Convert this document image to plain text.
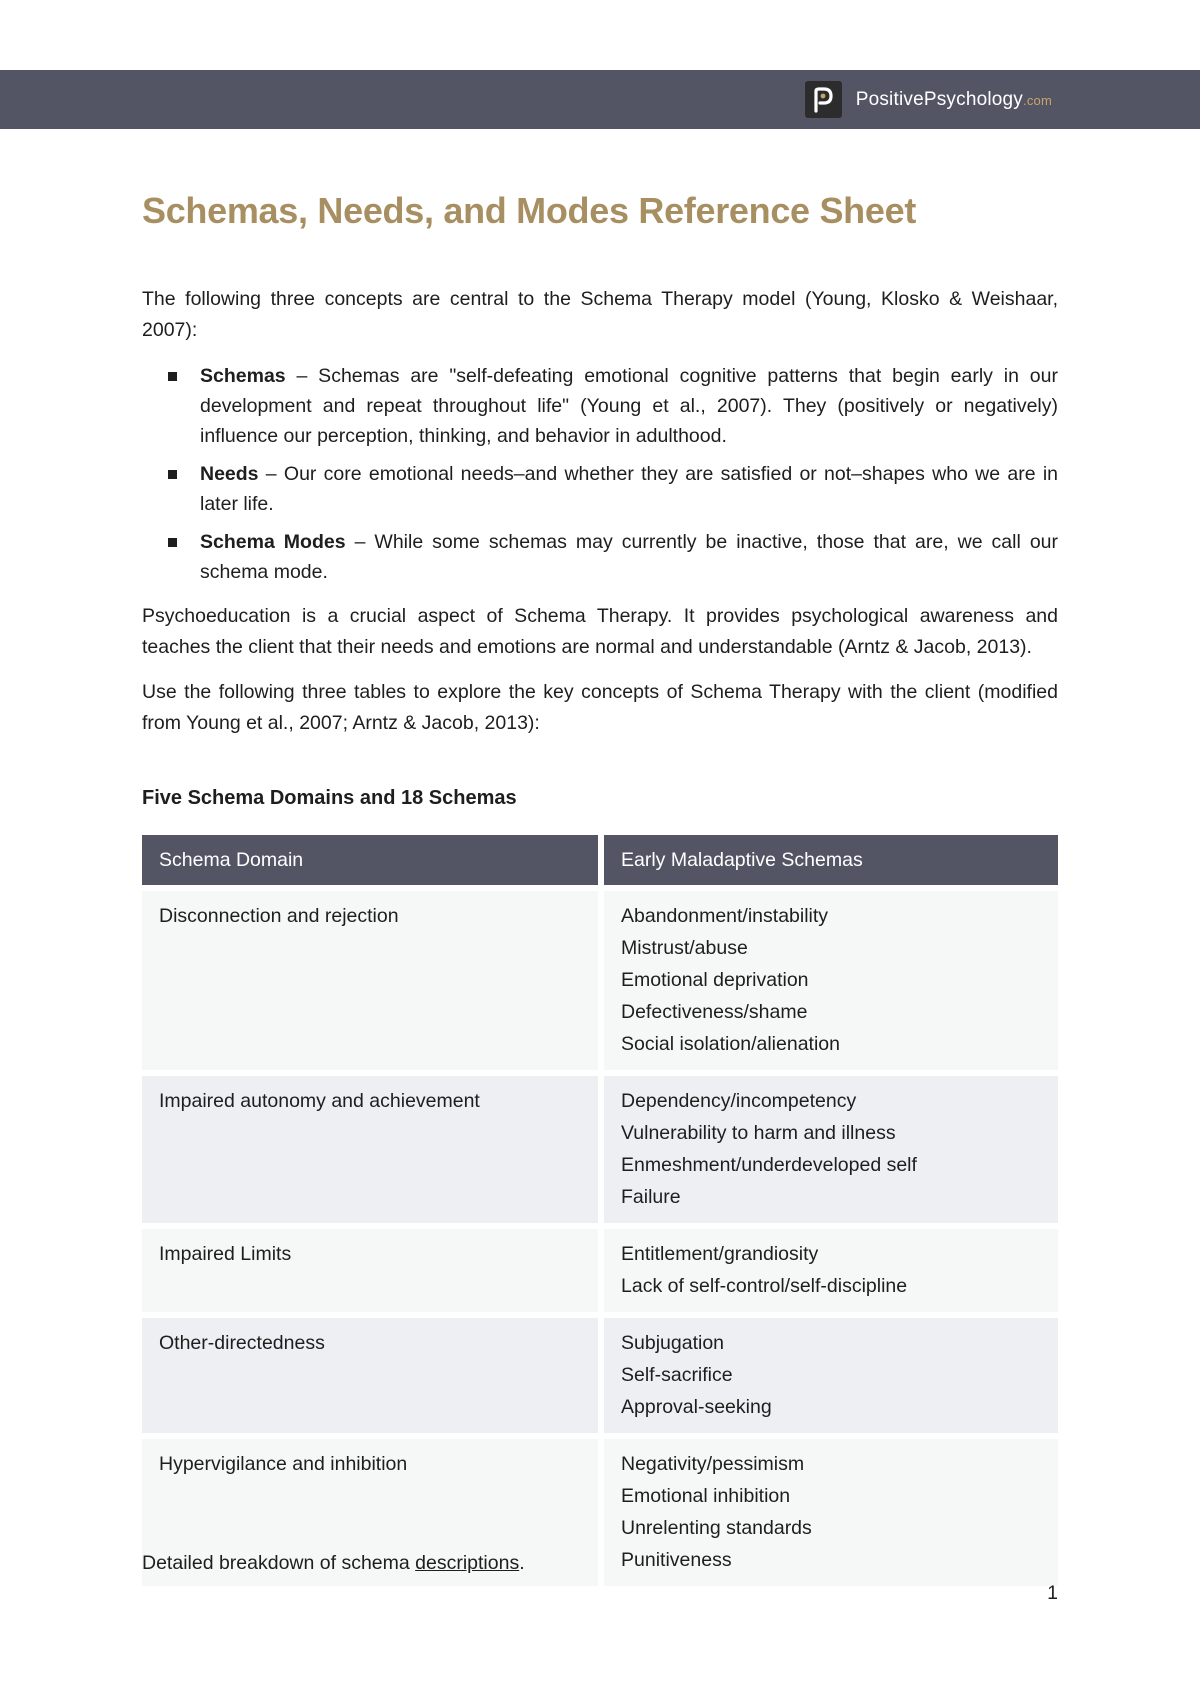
PositivePsychology.com
Schemas, Needs, and Modes Reference Sheet

The following three concepts are central to the Schema Therapy model (Young, Klosko & Weishaar, 2007):

Schemas – Schemas are "self-defeating emotional cognitive patterns that begin early in our development and repeat throughout life" (Young et al., 2007). They (positively or negatively) influence our perception, thinking, and behavior in adulthood.
Needs – Our core emotional needs–and whether they are satisfied or not–shapes who we are in later life.
Schema Modes – While some schemas may currently be inactive, those that are, we call our schema mode.

Psychoeducation is a crucial aspect of Schema Therapy. It provides psychological awareness and teaches the client that their needs and emotions are normal and understandable (Arntz & Jacob, 2013).

Use the following three tables to explore the key concepts of Schema Therapy with the client (modified from Young et al., 2007; Arntz & Jacob, 2013):

Five Schema Domains and 18 Schemas
Schema Domain	Early Maladaptive Schemas
Disconnection and rejection	Abandonment/instability
Mistrust/abuse
Emotional deprivation
Defectiveness/shame
Social isolation/alienation

Impaired autonomy and achievement	Dependency/incompetency
Vulnerability to harm and illness
Enmeshment/underdeveloped self
Failure

Impaired Limits	Entitlement/grandiosity
Lack of self-control/self-discipline

Other-directedness	Subjugation
Self-sacrifice
Approval-seeking

Hypervigilance and inhibition	Negativity/pessimism
Emotional inhibition
Unrelenting standards
Punitiveness
Detailed breakdown of schema descriptions.
1
